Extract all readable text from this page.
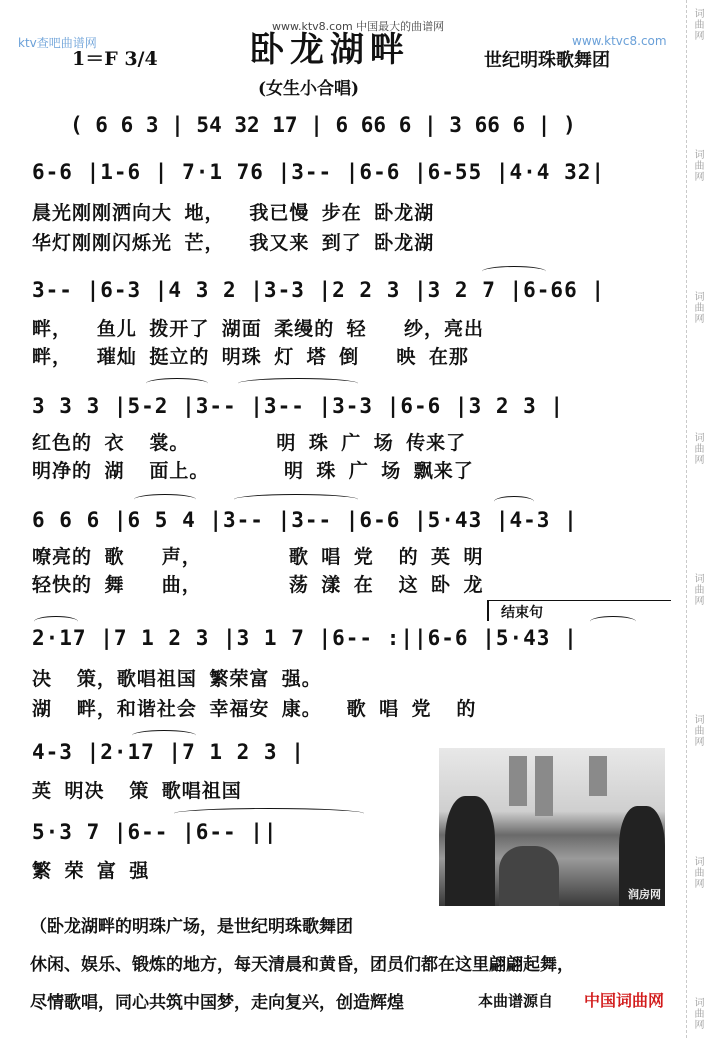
词曲网
词曲网
词曲网
词曲网
词曲网
词曲网
词曲网
词曲网
ktv查吧曲谱网
www.ktv8.com 中国最大的曲谱网
www.ktvc8.com
1＝F 3/4	卧龙湖畔	世纪明珠歌舞团
(女生小合唱)
( 6 6 3 | 54 32 17 | 6 66 6 | 3 66 6 | )
6-6 |1-6 | 7·1 76 |3-- |6-6 |6-55 |4·4 32|
晨光刚刚洒向大 地，  我已慢 步在 卧龙湖
华灯刚刚闪烁光 芒，  我又来 到了 卧龙湖
3-- |6-3 |4 3 2 |3-3 |2 2 3 |3 2 7 |6-66 |
畔，  鱼儿 拨开了 湖面 柔缦的 轻   纱，亮出
畔，  璀灿 挺立的 明珠 灯 塔 倒   映 在那
3 3 3 |5-2 |3-- |3-- |3-3 |6-6 |3 2 3 |
红色的 衣  裳。       明 珠 广 场 传来了
明净的 湖  面上。      明 珠 广 场 飘来了
6 6 6 |6 5 4 |3-- |3-- |6-6 |5·43 |4-3 |
嘹亮的 歌   声，       歌 唱 党  的 英 明
轻快的 舞   曲，       荡 漾 在  这 卧 龙
结束句
2·17 |7 1 2 3 |3 1 7 |6-- :||6-6 |5·43 |
决  策，歌唱祖国 繁荣富 强。
湖  畔，和谐社会 幸福安 康。  歌 唱 党  的
4-3 |2·17 |7 1 2 3 |
英 明决  策 歌唱祖国
5·3 7 |6-- |6-- ||
繁 荣 富 强
润房网
（卧龙湖畔的明珠广场，是世纪明珠歌舞团
休闲、娱乐、锻炼的地方，每天清晨和黄昏，团员们都在这里翩翩起舞，
尽情歌唱，同心共筑中国梦，走向复兴，创造辉煌	本曲谱源自 中国词曲网
